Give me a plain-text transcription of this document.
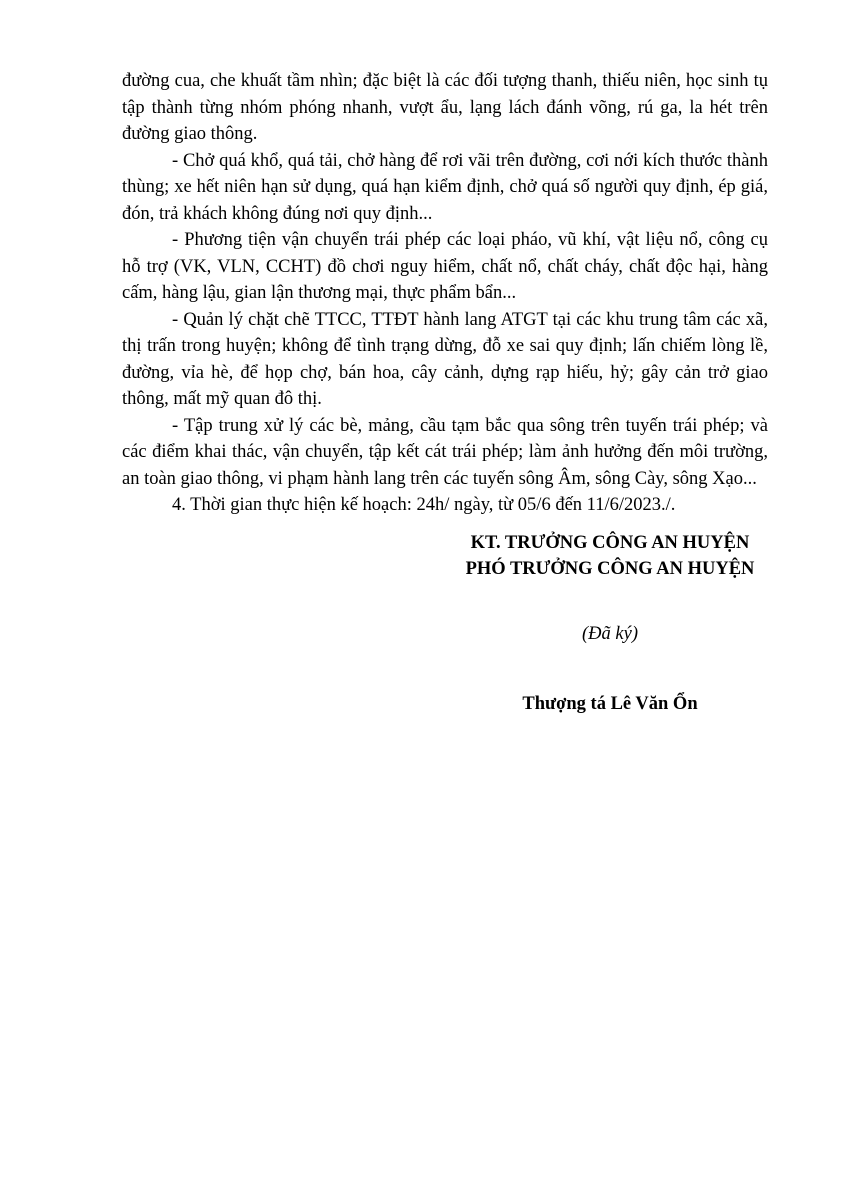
đường cua, che khuất tầm nhìn; đặc biệt là các đối tượng thanh, thiếu niên, học sinh tụ tập thành từng nhóm phóng nhanh, vượt ẩu, lạng lách đánh võng, rú ga, la hét trên đường giao thông.

- Chở quá khổ, quá tải, chở hàng để rơi vãi trên đường, cơi nới kích thước thành thùng; xe hết niên hạn sử dụng, quá hạn kiểm định, chở quá số người quy định, ép giá, đón, trả khách không đúng nơi quy định...

- Phương tiện vận chuyển trái phép các loại pháo, vũ khí, vật liệu nổ, công cụ hỗ trợ (VK, VLN, CCHT) đồ chơi nguy hiểm, chất nổ, chất cháy, chất độc hại, hàng cấm, hàng lậu, gian lận thương mại, thực phẩm bẩn...

- Quản lý chặt chẽ TTCC, TTĐT hành lang ATGT tại các khu trung tâm các xã, thị trấn trong huyện; không để tình trạng dừng, đỗ xe sai quy định; lấn chiếm lòng lề, đường, vỉa hè, để họp chợ, bán hoa, cây cảnh, dựng rạp hiếu, hỷ; gây cản trở giao thông, mất mỹ quan đô thị.

- Tập trung xử lý các bè, mảng, cầu tạm bắc qua sông trên tuyến trái phép; và các điểm khai thác, vận chuyển, tập kết cát trái phép; làm ảnh hưởng đến môi trường, an toàn giao thông, vi phạm hành lang trên các tuyến sông Âm, sông Cày, sông Xạo...

4. Thời gian thực hiện kế hoạch: 24h/ ngày, từ 05/6 đến 11/6/2023./.

KT. TRƯỞNG CÔNG AN HUYỆN

PHÓ TRƯỞNG CÔNG AN HUYỆN

(Đã ký)

Thượng tá Lê Văn Ổn
